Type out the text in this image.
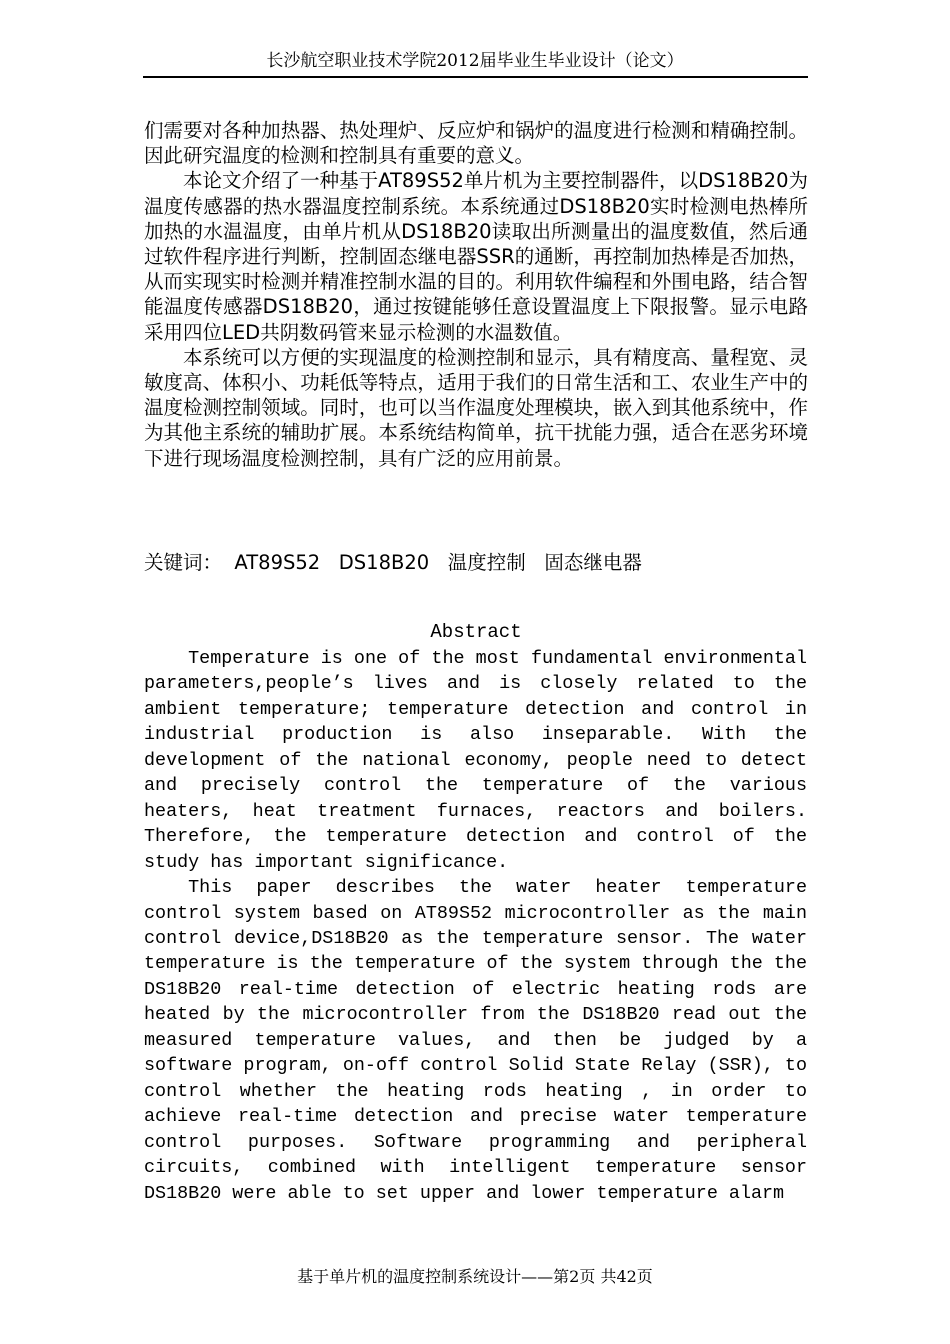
长沙航空职业技术学院2012届毕业生毕业设计（论文）

们需要对各种加热器、热处理炉、反应炉和锅炉的温度进行检测和精确控制。因此研究温度的检测和控制具有重要的意义。

本论文介绍了一种基于AT89S52单片机为主要控制器件，以DS18B20为温度传感器的热水器温度控制系统。本系统通过DS18B20实时检测电热棒所加热的水温温度，由单片机从DS18B20读取出所测量出的温度数值，然后通过软件程序进行判断，控制固态继电器SSR的通断，再控制加热棒是否加热，从而实现实时检测并精准控制水温的目的。利用软件编程和外围电路，结合智能温度传感器DS18B20，通过按键能够任意设置温度上下限报警。显示电路采用四位LED共阴数码管来显示检测的水温数值。

本系统可以方便的实现温度的检测控制和显示，具有精度高、量程宽、灵敏度高、体积小、功耗低等特点，适用于我们的日常生活和工、农业生产中的温度检测控制领域。同时，也可以当作温度处理模块，嵌入到其他系统中，作为其他主系统的辅助扩展。本系统结构简单，抗干扰能力强，适合在恶劣环境下进行现场温度检测控制，具有广泛的应用前景。

关键词： AT89S52 DS18B20 温度控制 固态继电器
Abstract

Temperature is one of the most fundamental environmental parameters,people’s lives and is closely related to the ambient temperature; temperature detection and control in industrial production is also inseparable. With the development of the national economy, people need to detect and precisely control the temperature of the various heaters, heat treatment furnaces, reactors and boilers. Therefore, the temperature detection and control of the study has important significance.

This paper describes the water heater temperature control system based on AT89S52 microcontroller as the main control device,DS18B20 as the temperature sensor. The water temperature is the temperature of the system through the the DS18B20 real-time detection of electric heating rods are heated by the microcontroller from the DS18B20 read out the measured temperature values, and then be judged by a software program, on-off control Solid State Relay (SSR), to control whether the heating rods heating , in order to achieve real-time detection and precise water temperature control purposes. Software programming and peripheral circuits, combined with intelligent temperature sensor DS18B20 were able to set upper and lower temperature alarm

基于单片机的温度控制系统设计——第2页 共42页
